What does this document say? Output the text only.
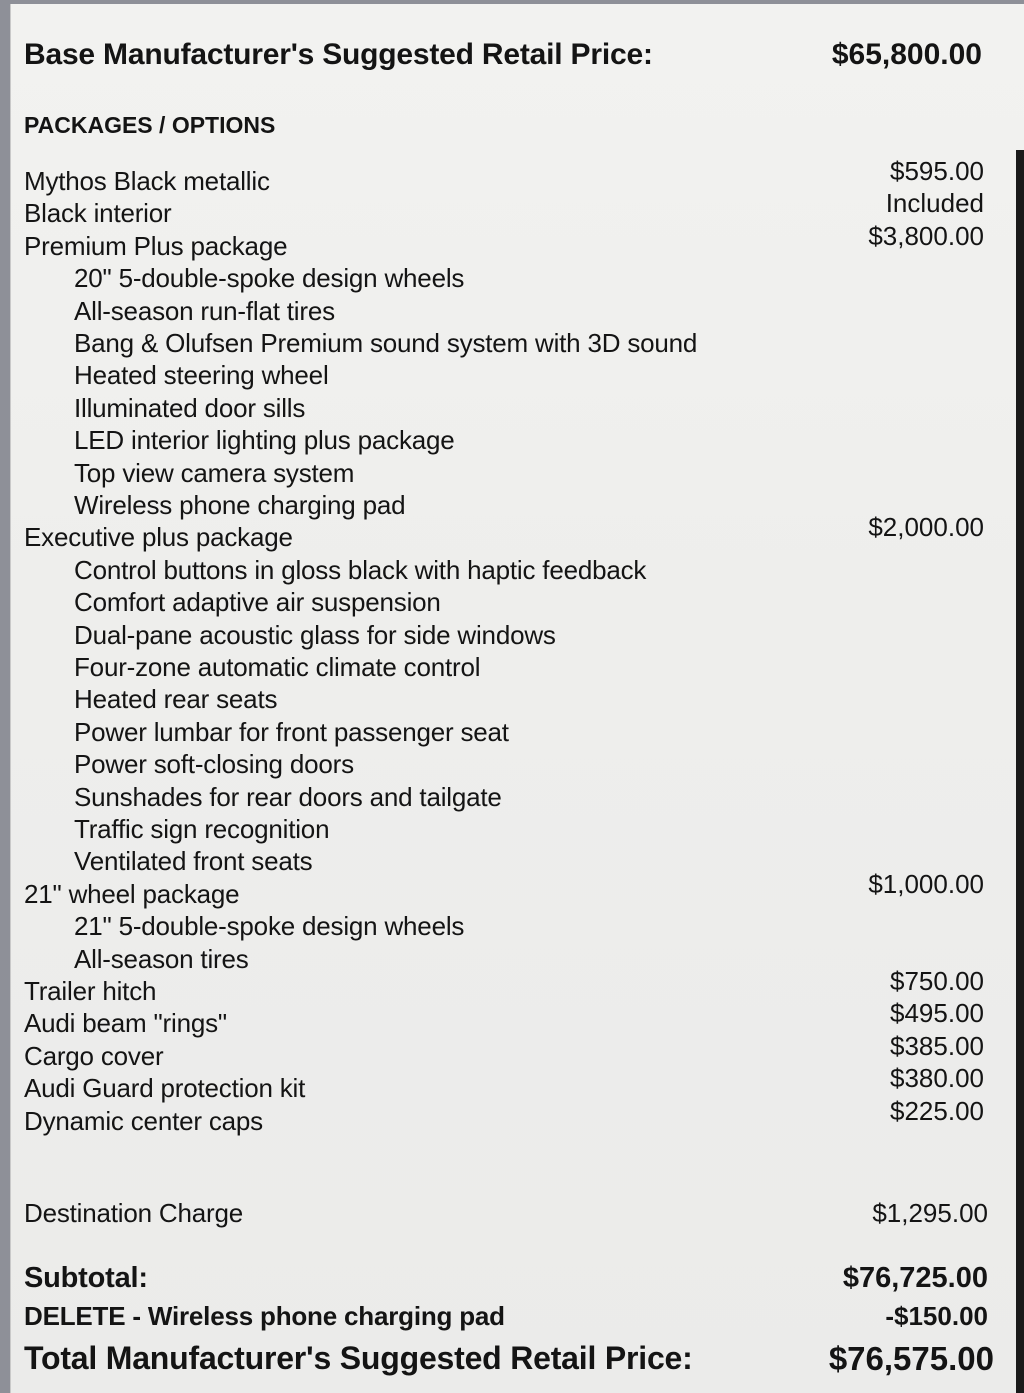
Base Manufacturer's Suggested Retail Price:	$65,800.00
PACKAGES / OPTIONS
Mythos Black metallic	$595.00
Black interior	Included
Premium Plus package	$3,800.00
20" 5-double-spoke design wheels
All-season run-flat tires
Bang & Olufsen Premium sound system with 3D sound
Heated steering wheel
Illuminated door sills
LED interior lighting plus package
Top view camera system
Wireless phone charging pad
Executive plus package	$2,000.00
Control buttons in gloss black with haptic feedback
Comfort adaptive air suspension
Dual-pane acoustic glass for side windows
Four-zone automatic climate control
Heated rear seats
Power lumbar for front passenger seat
Power soft-closing doors
Sunshades for rear doors and tailgate
Traffic sign recognition
Ventilated front seats
21" wheel package	$1,000.00
21" 5-double-spoke design wheels
All-season tires
Trailer hitch	$750.00
Audi beam "rings"	$495.00
Cargo cover	$385.00
Audi Guard protection kit	$380.00
Dynamic center caps	$225.00
Destination Charge	$1,295.00
Subtotal:	$76,725.00
DELETE - Wireless phone charging pad	-$150.00
Total Manufacturer's Suggested Retail Price:	$76,575.00
